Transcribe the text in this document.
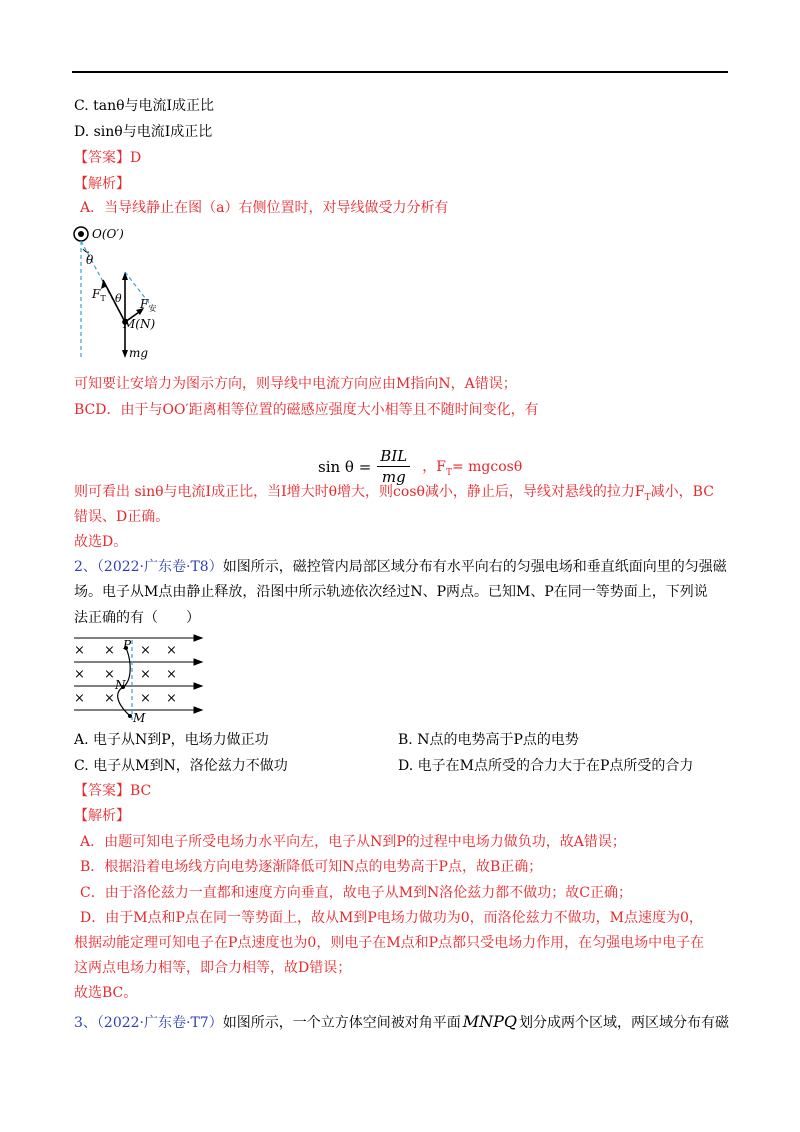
C. tanθ与电流I成正比
D. sinθ与电流I成正比
【答案】D
【解析】
A．当导线静止在图（a）右侧位置时，对导线做受力分析有
O(O′)
θ
$F_T$ θ $F_安$
M(N)
mg
可知要让安培力为图示方向，则导线中电流方向应由M指向N，A错误；
BCD．由于与OO′距离相等位置的磁感应强度大小相等且不随时间变化，有
$\sin \theta = \frac{\text{BIL}}{mg}$ ，$F_T= mgcos\theta$
则可看出 sinθ与电流I成正比，当I增大时θ增大，则cosθ减小，静止后，导线对悬线的拉力$F_T$减小，BC
错误、D正确。
故选D。
2、（2022·广东卷·T8）如图所示，磁控管内局部区域分布有水平向右的匀强电场和垂直纸面向里的匀强磁
场。电子从M点由静止释放，沿图中所示轨迹依次经过N、P两点。已知M、P在同一等势面上，下列说
法正确的有（　　）
× × × ×
× × × ×
× × × ×
P
N
M
A. 电子从N到P，电场力做正功	B. N点的电势高于P点的电势
C. 电子从M到N，洛伦兹力不做功	D. 电子在M点所受的合力大于在P点所受的合力
【答案】BC
【解析】
A．由题可知电子所受电场力水平向左，电子从N到P的过程中电场力做负功，故A错误；
B．根据沿着电场线方向电势逐渐降低可知N点的电势高于P点，故B正确；
C．由于洛伦兹力一直都和速度方向垂直，故电子从M到N洛伦兹力都不做功；故C正确；
D．由于M点和P点在同一等势面上，故从M到P电场力做功为0，而洛伦兹力不做功，M点速度为0，
根据动能定理可知电子在P点速度也为0，则电子在M点和P点都只受电场力作用，在匀强电场中电子在
这两点电场力相等，即合力相等，故D错误；
故选BC。
3、（2022·广东卷·T7）如图所示，一个立方体空间被对角平面 MNPQ 划分成两个区域，两区域分布有磁
